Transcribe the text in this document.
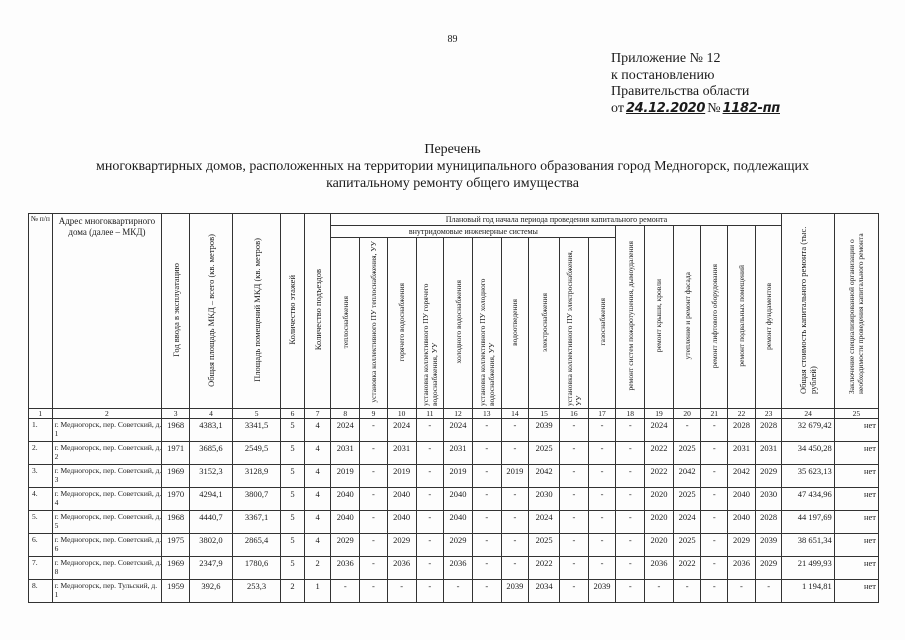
89
Приложение № 12
к постановлению
Правительства области
от 24.12.2020 № 1182-пп
Перечень
многоквартирных домов, расположенных на территории муниципального образования город Медногорск, подлежащих
капитальному ремонту общего имущества
№ п/п	Адрес многоквартирного дома (далее – МКД)	Год ввода в эксплуатацию	Общая площадь МКД – всего (кв. метров)	Площадь помещений МКД (кв. метров)	Количество этажей	Количество подъездов	Плановый год начала периода проведения капитального ремонта																Общая стоимость капитального ремонта (тыс. рублей)	Заключение специализированной организации о необходимости проведения капитального ремонта
							внутридомовые инженерные системы										ремонт систем пожаротушения, дымоудаления	ремонт крыши, кровли	утепление и ремонт фасада	ремонт лифтового оборудования	ремонт подвальных помещений	ремонт фундаментов		
							теплоснабжения	установка коллективного ПУ теплоснабжения, УУ	горячего водоснабжения	установка коллективного ПУ горячего водоснабжения, УУ	холодного водоснабжения	установка коллективного ПУ холодного водоснабжения, УУ	водоотведения	электроснабжения	установка коллективного ПУ электроснабжения, УУ	газоснабжения								
1	2	3	4	5	6	7	8	9	10	11	12	13	14	15	16	17	18	19	20	21	22	23	24	25
1.	г. Медногорск, пер. Советский, д. 1	1968	4383,1	3341,5	5	4	2024	-	2024	-	2024	-	-	2039	-	-	-	2024	-	-	2028	2028	32 679,42	нет
2.	г. Медногорск, пер. Советский, д. 2	1971	3685,6	2549,5	5	4	2031	-	2031	-	2031	-	-	2025	-	-	-	2022	2025	-	2031	2031	34 450,28	нет
3.	г. Медногорск, пер. Советский, д. 3	1969	3152,3	3128,9	5	4	2019	-	2019	-	2019	-	2019	2042	-	-	-	2022	2042	-	2042	2029	35 623,13	нет
4.	г. Медногорск, пер. Советский, д. 4	1970	4294,1	3800,7	5	4	2040	-	2040	-	2040	-	-	2030	-	-	-	2020	2025	-	2040	2030	47 434,96	нет
5.	г. Медногорск, пер. Советский, д. 5	1968	4440,7	3367,1	5	4	2040	-	2040	-	2040	-	-	2024	-	-	-	2020	2024	-	2040	2028	44 197,69	нет
6.	г. Медногорск, пер. Советский, д. 6	1975	3802,0	2865,4	5	4	2029	-	2029	-	2029	-	-	2025	-	-	-	2020	2025	-	2029	2039	38 651,34	нет
7.	г. Медногорск, пер. Советский, д. 8	1969	2347,9	1780,6	5	2	2036	-	2036	-	2036	-	-	2022	-	-	-	2036	2022	-	2036	2029	21 499,93	нет
8.	г. Медногорск, пер. Тульский, д. 1	1959	392,6	253,3	2	1	-	-	-	-	-	-	2039	2034	-	2039	-	-	-	-	-	-	1 194,81	нет
